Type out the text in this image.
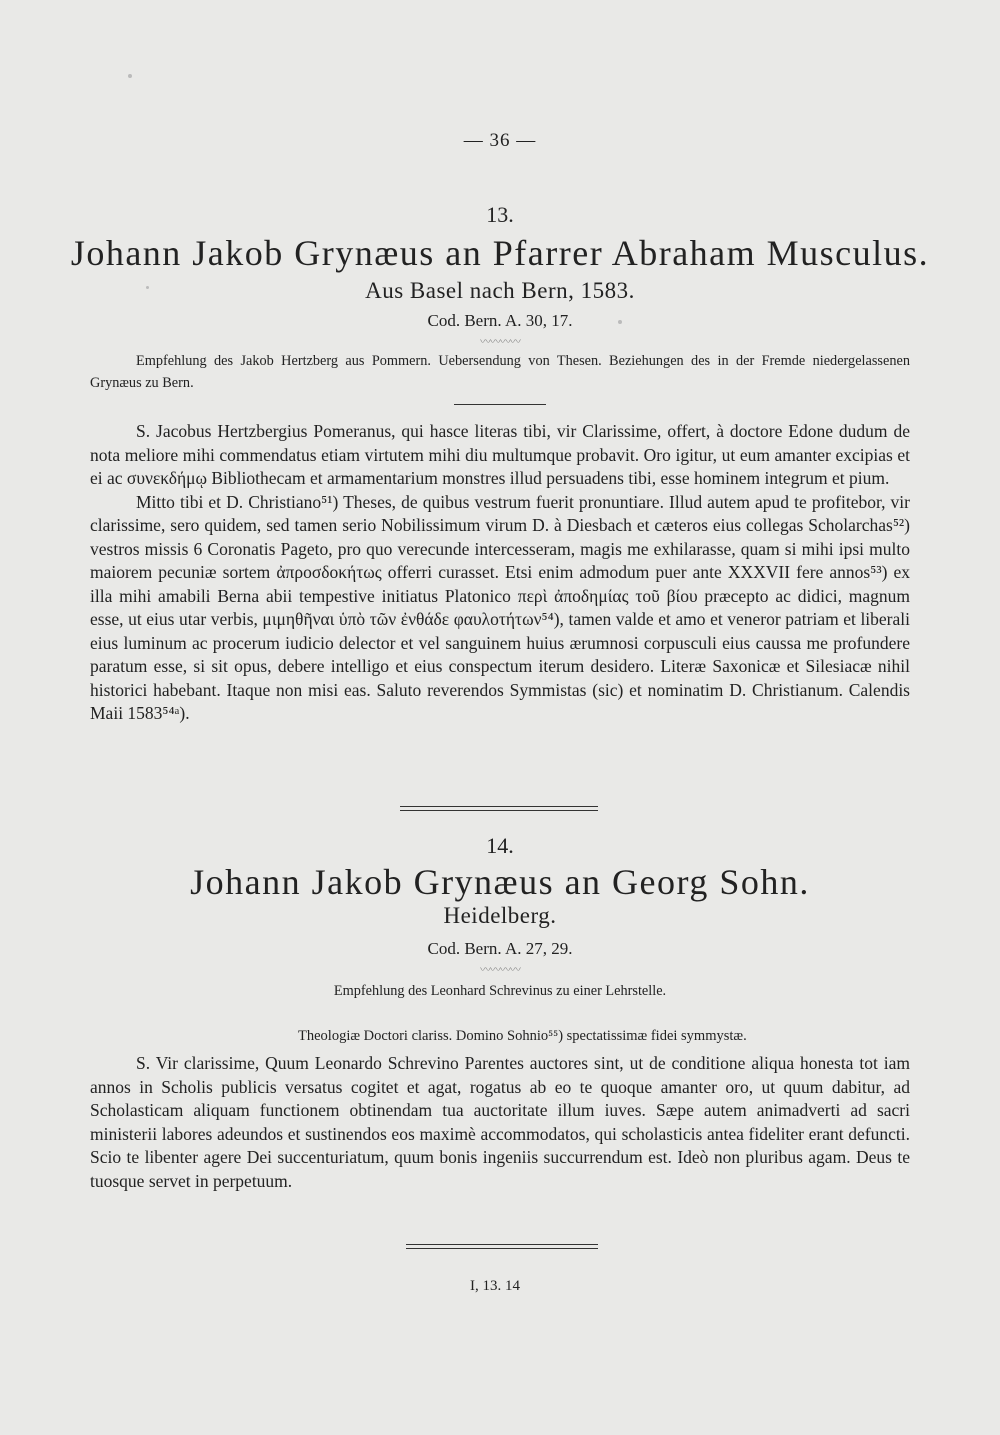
— 36 —
13.
Johann Jakob Grynæus an Pfarrer Abraham Musculus.
Aus Basel nach Bern, 1583.
Cod. Bern. A. 30, 17.
〰〰〰〰
Empfehlung des Jakob Hertzberg aus Pommern. Uebersendung von Thesen. Beziehungen des in der Fremde niedergelassenen Grynæus zu Bern.

S. Jacobus Hertzbergius Pomeranus, qui hasce literas tibi, vir Clarissime, offert, à doctore Edone dudum de nota meliore mihi commendatus etiam virtutem mihi diu multumque probavit. Oro igitur, ut eum amanter excipias et ei ac συνεκδήμῳ Bibliothecam et armamentarium monstres illud persuadens tibi, esse hominem integrum et pium.

Mitto tibi et D. Christiano⁵¹) Theses, de quibus vestrum fuerit pronuntiare. Illud autem apud te profitebor, vir clarissime, sero quidem, sed tamen serio Nobilissimum virum D. à Diesbach et cæteros eius collegas Scholarchas⁵²) vestros missis 6 Coronatis Pageto, pro quo verecunde intercesseram, magis me exhilarasse, quam si mihi ipsi multo maiorem pecuniæ sortem ἀπροσδοκήτως offerri curasset. Etsi enim admodum puer ante XXXVII fere annos⁵³) ex illa mihi amabili Berna abii tempestive initiatus Platonico περὶ ἀποδημίας τοῦ βίου præcepto ac didici, magnum esse, ut eius utar verbis, μιμηθῆναι ὑπὸ τῶν ἐνθάδε φαυλοτήτων⁵⁴), tamen valde et amo et veneror patriam et liberali eius luminum ac procerum iudicio delector et vel sanguinem huius ærumnosi corpusculi eius caussa me profundere paratum esse, si sit opus, debere intelligo et eius conspectum iterum desidero. Literæ Saxonicæ et Silesiacæ nihil historici habebant. Itaque non misi eas. Saluto reverendos Symmistas (sic) et nominatim D. Christianum. Calendis Maii 1583⁵⁴ᵃ).

14.
Johann Jakob Grynæus an Georg Sohn.
Heidelberg.
Cod. Bern. A. 27, 29.
〰〰〰〰
Empfehlung des Leonhard Schrevinus zu einer Lehrstelle.
Theologiæ Doctori clariss. Domino Sohnio⁵⁵) spectatissimæ fidei symmystæ.

S. Vir clarissime, Quum Leonardo Schrevino Parentes auctores sint, ut de conditione aliqua honesta tot iam annos in Scholis publicis versatus cogitet et agat, rogatus ab eo te quoque amanter oro, ut quum dabitur, ad Scholasticam aliquam functionem obtinendam tua auctoritate illum iuves. Sæpe autem animadverti ad sacri ministerii labores adeundos et sustinendos eos maximè accommodatos, qui scholasticis antea fideliter erant defuncti. Scio te libenter agere Dei succenturiatum, quum bonis ingeniis succurrendum est. Ideò non pluribus agam. Deus te tuosque servet in perpetuum.

I, 13. 14
